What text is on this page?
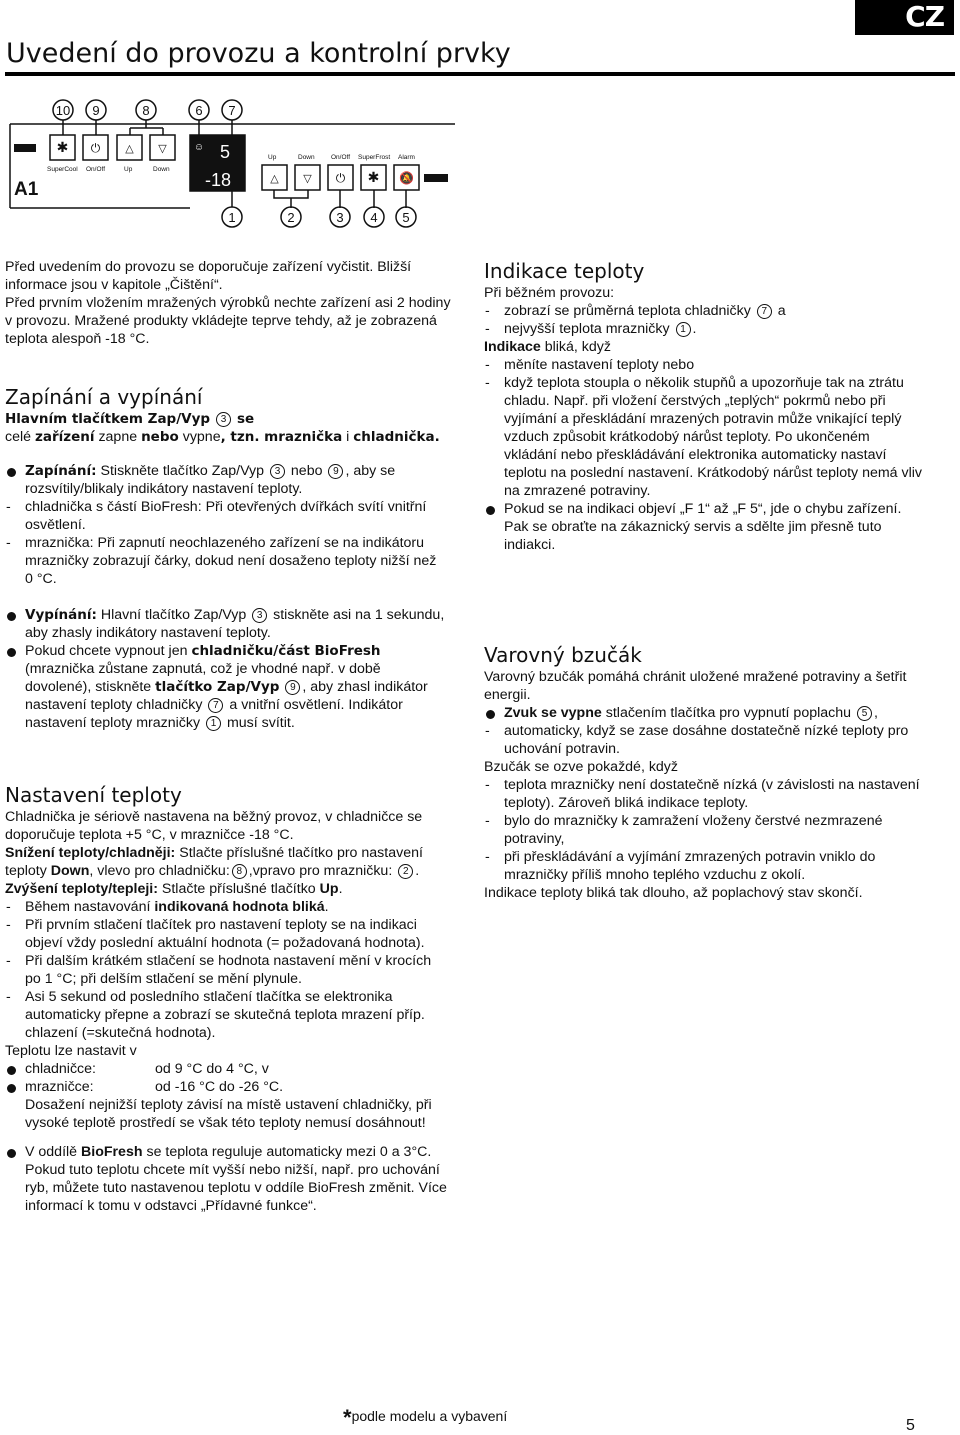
CZ
Uvedení do provozu a kontrolní prvky
10 9	8	6 7
1	2	3 4 5
A1
SuperCool On/Off	Up	Down
Up	Down	On/Off SuperFrost Alarm
5
-18
☺
✱ ⏻ △ ▽
△ ▽ ⏻ ✱ 🔕

Před uvedením do provozu se doporučuje zařízení vyčistit. Bližší

informace jsou v kapitole „Čištění“.

Před prvním vložením mražených výrobků nechte zařízení asi 2 hodiny

v provozu. Mražené produkty vkládejte teprve tehdy, až je zobrazená

teplota alespoň -18 °C.

Zapínání a vypínání

Hlavním tlačítkem Zap/Vyp 3 se

celé zařízení zapne nebo vypne, tzn. mraznička i chladnička.

Zapínání: Stiskněte tlačítko Zap/Vyp 3 nebo 9 , aby se
rozsvítily/blikaly indikátory nastavení teploty.

- chladnička s částí BioFresh: Při otevřených dvířkách svítí vnitřní
osvětlení.

- mraznička: Při zapnutí neochlazeného zařízení se na indikátoru
mrazničky zobrazují čárky, dokud není dosaženo teploty nižší než
0 °C.

Vypínání: Hlavní tlačítko Zap/Vyp 3 stiskněte asi na 1 sekundu,
aby zhasly indikátory nastavení teploty.

Pokud chcete vypnout jen chladničku/část BioFresh
(mraznička zůstane zapnutá, což je vhodné např. v době
dovolené), stiskněte tlačítko Zap/Vyp 9 , aby zhasl indikátor
nastavení teploty chladničky 7 a vnitřní osvětlení. Indikátor
nastavení teploty mrazničky 1 musí svítit.

Nastavení teploty

Chladnička je sériově nastavena na běžný provoz, v chladničce se
doporučuje teplota +5 °C, v mrazničce -18 °C.

Snížení teploty/chladněji: Stlačte příslušné tlačítko pro nastavení
teploty Down, vlevo pro chladničku: 8 ,vpravo pro mrazničku: 2 .

Zvýšení teploty/tepleji: Stlačte příslušné tlačítko Up.

- Během nastavování indikovaná hodnota bliká.

- Při prvním stlačení tlačítek pro nastavení teploty se na indikaci
objeví vždy poslední aktuální hodnota (= požadovaná hodnota).

- Při dalším krátkém stlačení se hodnota nastavení mění v krocích
po 1 °C; při delším stlačení se mění plynule.

- Asi 5 sekund od posledního stlačení tlačítka se elektronika
automaticky přepne a zobrazí se skutečná teplota mrazení příp.
chlazení (=skutečná hodnota).

Teplotu lze nastavit v

chladničce:	od 9 °C do 4 °C, v

mrazničce:	od -16 °C do -26 °C.

Dosažení nejnižší teploty závisí na místě ustavení chladničky, při
vysoké teplotě prostředí se však této teploty nemusí dosáhnout!

V oddílě BioFresh se teplota reguluje automaticky mezi 0 a 3°C.
Pokud tuto teplotu chcete mít vyšší nebo nižší, např. pro uchování
ryb, můžete tuto nastavenou teplotu v oddíle BioFresh změnit. Více
informací k tomu v odstavci „Přídavné funkce“.

Indikace teploty

Při běžném provozu:

- zobrazí se průměrná teplota chladničky 7 a

- nejvyšší teplota mrazničky 1 .

Indikace bliká, když

- měníte nastavení teploty nebo

- když teplota stoupla o několik stupňů a upozorňuje tak na ztrátu
chladu. Např. při vložení čerstvých „teplých“ pokrmů nebo při
vyjímání a přeskládání mrazených potravin může vnikající teplý
vzduch způsobit krátkodobý nárůst teploty. Po ukončeném
vkládání nebo přeskládávání elektronika automaticky nastaví
teplotu na poslední nastavení. Krátkodobý nárůst teploty nemá vliv
na zmrazené potraviny.

Pokud se na indikaci objeví „F 1“ až „F 5“, jde o chybu zařízení.
Pak se obraťte na zákaznický servis a sdělte jim přesně tuto
indiakci.

Varovný bzučák

Varovný bzučák pomáhá chránit uložené mražené potraviny a šetřit
energii.

Zvuk se vypne stlačením tlačítka pro vypnutí poplachu 5 ,

- automaticky, když se zase dosáhne dostatečně nízké teploty pro
uchování potravin.

Bzučák se ozve pokaždé, když

- teplota mrazničky není dostatečně nízká (v závislosti na nastavení
teploty). Zároveň bliká indikace teploty.

- bylo do mrazničky k zamražení vloženy čerstvé nezmrazené
potraviny,

- při přeskládávání a vyjímání zmrazených potravin vniklo do
mrazničky příliš mnoho teplého vzduchu z okolí.

Indikace teploty bliká tak dlouho, až poplachový stav skončí.

*podle modelu a vybavení
5
